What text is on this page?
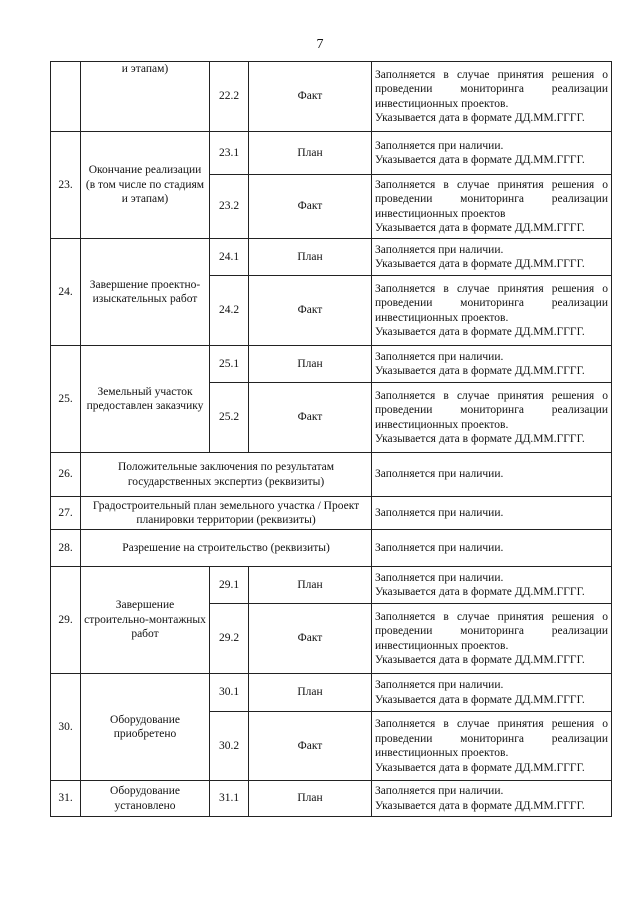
7
	и этапам)	22.2	Факт	Заполняется в случае принятия решения о проведении мониторинга реализации инвестиционных проектов.
Указывается дата в формате ДД.ММ.ГГГГ.

23.	Окончание реализации (в том числе по стадиям и этапам)	23.1	План	Заполняется при наличии.
Указывается дата в формате ДД.ММ.ГГГГ.

		23.2	Факт	Заполняется в случае принятия решения о проведении мониторинга реализации инвестиционных проектов
Указывается дата в формате ДД.ММ.ГГГГ.

24.	Завершение проектно-изыскательных работ	24.1	План	Заполняется при наличии.
Указывается дата в формате ДД.ММ.ГГГГ.

		24.2	Факт	Заполняется в случае принятия решения о проведении мониторинга реализации инвестиционных проектов.
Указывается дата в формате ДД.ММ.ГГГГ.

25.	Земельный участок предоставлен заказчику	25.1	План	Заполняется при наличии.
Указывается дата в формате ДД.ММ.ГГГГ.

		25.2	Факт	Заполняется в случае принятия решения о проведении мониторинга реализации инвестиционных проектов.
Указывается дата в формате ДД.ММ.ГГГГ.

26.	Положительные заключения по результатам государственных экспертиз (реквизиты)			Заполняется при наличии.
27.	Градостроительный план земельного участка / Проект планировки территории (реквизиты)			Заполняется при наличии.
28.	Разрешение на строительство (реквизиты)			Заполняется при наличии.
29.	Завершение строительно-монтажных работ	29.1	План	Заполняется при наличии.
Указывается дата в формате ДД.ММ.ГГГГ.

		29.2	Факт	Заполняется в случае принятия решения о проведении мониторинга реализации инвестиционных проектов.
Указывается дата в формате ДД.ММ.ГГГГ.

30.	Оборудование приобретено	30.1	План	Заполняется при наличии.
Указывается дата в формате ДД.ММ.ГГГГ.

		30.2	Факт	Заполняется в случае принятия решения о проведении мониторинга реализации инвестиционных проектов.
Указывается дата в формате ДД.ММ.ГГГГ.

31.	Оборудование установлено	31.1	План	Заполняется при наличии.
Указывается дата в формате ДД.ММ.ГГГГ.
